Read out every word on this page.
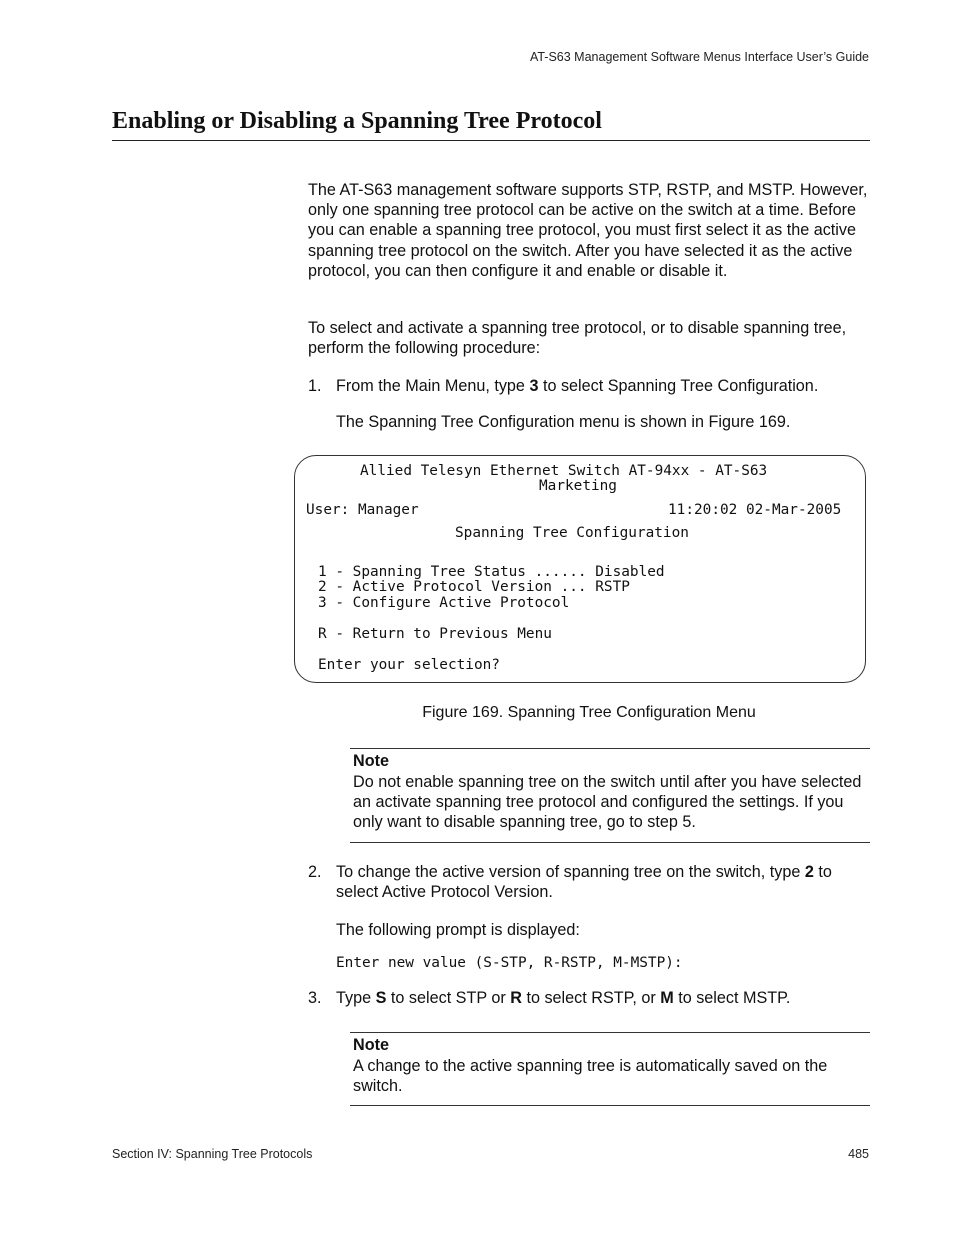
AT-S63 Management Software Menus Interface User’s Guide
Enabling or Disabling a Spanning Tree Protocol
The AT-S63 management software supports STP, RSTP, and MSTP. However, only one spanning tree protocol can be active on the switch at a time. Before you can enable a spanning tree protocol, you must first select it as the active spanning tree protocol on the switch. After you have selected it as the active protocol, you can then configure it and enable or disable it.
To select and activate a spanning tree protocol, or to disable spanning tree, perform the following procedure:
1. From the Main Menu, type 3 to select Spanning Tree Configuration.
The Spanning Tree Configuration menu is shown in Figure 169.
Allied Telesyn Ethernet Switch AT-94xx - AT-S63
Marketing
User: Manager	11:20:02 02-Mar-2005
Spanning Tree Configuration
1 - Spanning Tree Status ...... Disabled
2 - Active Protocol Version ... RSTP
3 - Configure Active Protocol
R - Return to Previous Menu
Enter your selection?
Figure 169. Spanning Tree Configuration Menu
Note
Do not enable spanning tree on the switch until after you have selected an activate spanning tree protocol and configured the settings. If you only want to disable spanning tree, go to step 5.
2. To change the active version of spanning tree on the switch, type 2 to select Active Protocol Version.
The following prompt is displayed:
Enter new value (S-STP, R-RSTP, M-MSTP):
3. Type S to select STP or R to select RSTP, or M to select MSTP.
Note
A change to the active spanning tree is automatically saved on the switch.
Section IV: Spanning Tree Protocols	485
